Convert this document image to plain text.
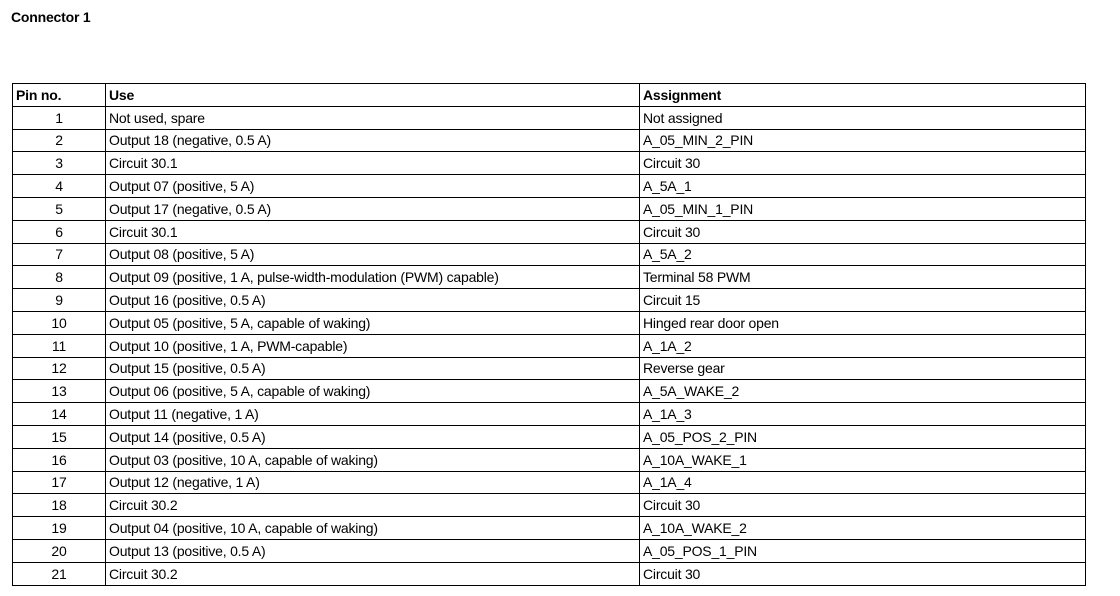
Connector 1
Pin no.	Use	Assignment
1	Not used, spare	Not assigned
2	Output 18 (negative, 0.5 A)	A_05_MIN_2_PIN
3	Circuit 30.1	Circuit 30
4	Output 07 (positive, 5 A)	A_5A_1
5	Output 17 (negative, 0.5 A)	A_05_MIN_1_PIN
6	Circuit 30.1	Circuit 30
7	Output 08 (positive, 5 A)	A_5A_2
8	Output 09 (positive, 1 A, pulse-width-modulation (PWM) capable)	Terminal 58 PWM
9	Output 16 (positive, 0.5 A)	Circuit 15
10	Output 05 (positive, 5 A, capable of waking)	Hinged rear door open
11	Output 10 (positive, 1 A, PWM-capable)	A_1A_2
12	Output 15 (positive, 0.5 A)	Reverse gear
13	Output 06 (positive, 5 A, capable of waking)	A_5A_WAKE_2
14	Output 11 (negative, 1 A)	A_1A_3
15	Output 14 (positive, 0.5 A)	A_05_POS_2_PIN
16	Output 03 (positive, 10 A, capable of waking)	A_10A_WAKE_1
17	Output 12 (negative, 1 A)	A_1A_4
18	Circuit 30.2	Circuit 30
19	Output 04 (positive, 10 A, capable of waking)	A_10A_WAKE_2
20	Output 13 (positive, 0.5 A)	A_05_POS_1_PIN
21	Circuit 30.2	Circuit 30
